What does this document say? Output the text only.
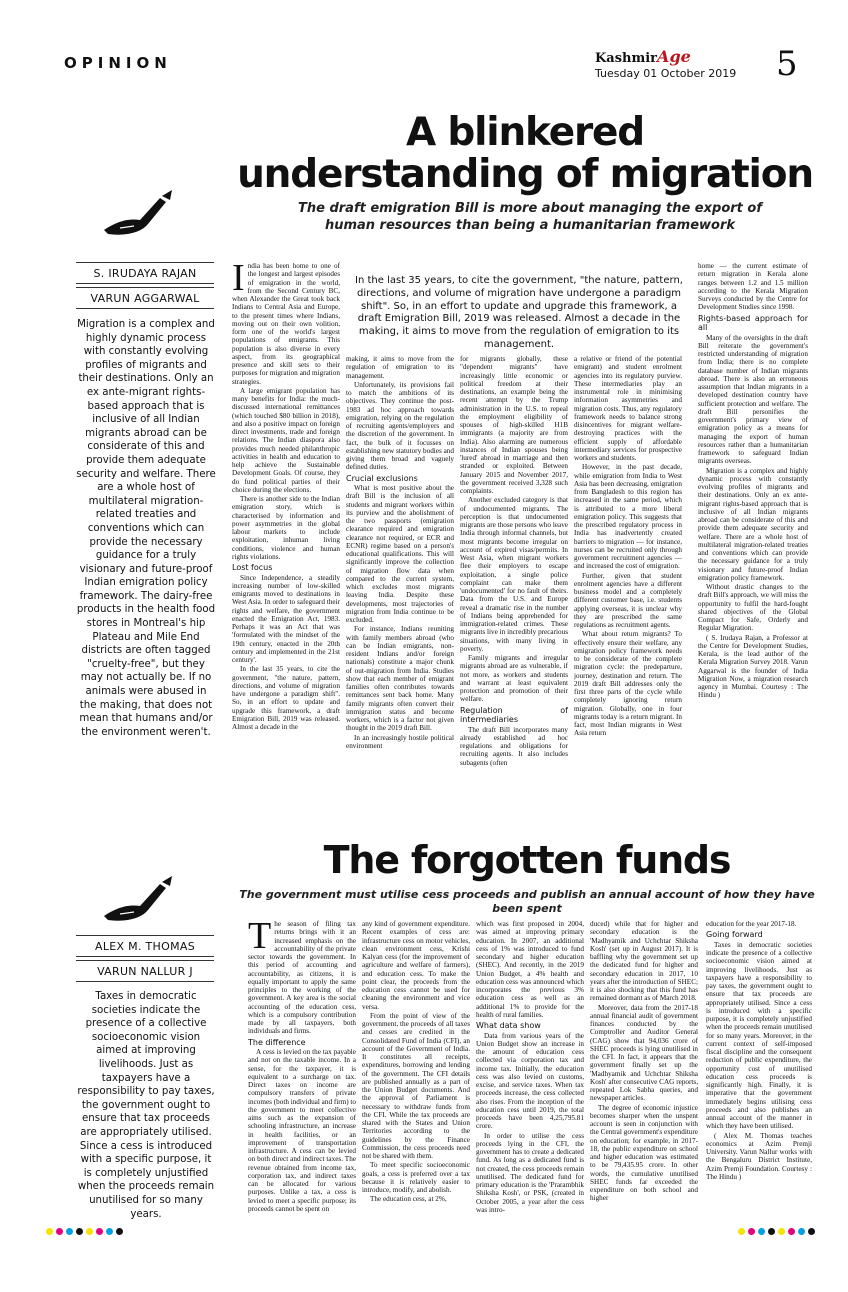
OPINION	KashmirAge
Tuesday 01 October 2019 5
A blinkered
understanding of migration
The draft emigration Bill is more about managing the export of
human resources than being a humanitarian framework
S. IRUDAYA RAJAN
VARUN AGGARWAL
Migration is a complex and highly dynamic process with constantly evolving profiles of migrants and their destinations. Only an ex ante-migrant rights-based approach that is inclusive of all Indian migrants abroad can be considerate of this and provide them adequate security and welfare. There are a whole host of multilateral migration-related treaties and conventions which can provide the necessary guidance for a truly visionary and future-proof Indian emigration policy framework. The dairy-free products in the health food stores in Montreal's hip Plateau and Mile End districts are often tagged "cruelty-free", but they may not actually be. If no animals were abused in the making, that does not mean that humans and/or the environment weren't.
In the last 35 years, to cite the government, "the nature, pattern, directions, and volume of migration have undergone a paradigm shift". So, in an effort to update and upgrade this framework, a draft Emigration Bill, 2019 was released. Almost a decade in the making, it aims to move from the regulation of emigration to its management.

India has been home to one of the longest and largest episodes of emigration in the world, from the Second Century BC, when Alexander the Great took back Indians to Central Asia and Europe, to the present times where Indians, moving out on their own volition, form one of the world's largest populations of emigrants. This population is also diverse in every aspect, from its geographical presence and skill sets to their purposes for migration and migration strategies.

A large emigrant population has many benefits for India: the much-discussed international remittances (which touched $80 billion in 2018), and also a positive impact on foreign direct investments, trade and foreign relations. The Indian diaspora also provides much needed philanthropic activities in health and education to help achieve the Sustainable Development Goals. Of course, they do fund political parties of their choice during the elections.

There is another side to the Indian emigration story, which is characterised by information and power asymmetries in the global labour markets to include exploitation, inhuman living conditions, violence and human rights violations.

Lost focus

Since Independence, a steadily increasing number of low-skilled emigrants moved to destinations in West Asia. In order to safeguard their rights and welfare, the government enacted the Emigration Act, 1983. Perhaps it was an Act that was 'formulated with the mindset of the 19th century, enacted in the 20th century and implemented in the 21st century'.

In the last 35 years, to cite the government, "the nature, pattern, directions, and volume of migration have undergone a paradigm shift". So, in an effort to update and upgrade this framework, a draft Emigration Bill, 2019 was released. Almost a decade in the

making, it aims to move from the regulation of emigration to its management.

Unfortunately, its provisions fail to match the ambitions of its objectives. They continue the post-1983 ad hoc approach towards emigration, relying on the regulation of recruiting agents/employers and the discretion of the government. In fact, the bulk of it focusses on establishing new statutory bodies and giving them broad and vaguely defined duties.

Crucial exclusions

What is most positive about the draft Bill is the inclusion of all students and migrant workers within its purview and the abolishment of the two passports (emigration clearance required and emigration clearance not required, or ECR and ECNR) regime based on a person's educational qualifications. This will significantly improve the collection of migration flow data when compared to the current system, which excludes most migrants leaving India. Despite these developments, most trajectories of migration from India continue to be excluded.

For instance, Indians reuniting with family members abroad (who can be Indian emigrants, non-resident Indians and/or foreign nationals) constitute a major chunk of out-migration from India. Studies show that each member of emigrant families often contributes towards remittances sent back home. Many family migrants often convert their immigration status and become workers, which is a factor not given thought in the 2019 draft Bill.

In an increasingly hostile political environment

for migrants globally, these "dependent migrants" have increasingly little economic or political freedom at their destinations, an example being the recent attempt by the Trump administration in the U.S. to repeal the employment eligibility of spouses of high-skilled H1B immigrants (a majority are from India). Also alarming are numerous instances of Indian spouses being 'lured' abroad in marriage and then stranded or exploited. Between January 2015 and November 2017, the government received 3,328 such complaints.

Another excluded category is that of undocumented migrants. The perception is that undocumented migrants are those persons who leave India through informal channels, but most migrants become irregular on account of expired visas/permits. In West Asia, when migrant workers flee their employers to escape exploitation, a single police complaint can make them 'undocumented' for no fault of theirs. Data from the U.S. and Europe reveal a dramatic rise in the number of Indians being apprehended for immigration-related crimes. These migrants live in incredibly precarious situations, with many living in poverty.

Family migrants and irregular migrants abroad are as vulnerable, if not more, as workers and students and warrant at least equivalent protection and promotion of their welfare.

Regulation of intermediaries

The draft Bill incorporates many already established ad hoc regulations and obligations for recruiting agents. It also includes subagents (often

a relative or friend of the potential emigrant) and student enrolment agencies into its regulatory purview. These intermediaries play an instrumental role in minimising information asymmetries and migration costs. Thus, any regulatory framework needs to balance strong disincentives for migrant welfare-destroying practices with the efficient supply of affordable intermediary services for prospective workers and students.

However, in the past decade, while emigration from India to West Asia has been decreasing, emigration from Bangladesh to this region has increased in the same period, which is attributed to a more liberal emigration policy. This suggests that the prescribed regulatory process in India has inadvertently created barriers to migration — for instance, nurses can be recruited only through government recruitment agencies — and increased the cost of emigration.

Further, given that student enrolment agencies have a different business model and a completely different customer base, i.e. students applying overseas, it is unclear why they are prescribed the same regulations as recruitment agents.

What about return migrants? To effectively ensure their welfare, any emigration policy framework needs to be considerate of the complete migration cycle: the predeparture, journey, destination and return. The 2019 draft Bill addresses only the first three parts of the cycle while completely ignoring return migration. Globally, one in four migrants today is a return migrant. In fact, most Indian migrants in West Asia return

home — the current estimate of return migration in Kerala alone ranges between 1.2 and 1.5 million according to the Kerala Migration Surveys conducted by the Centre for Development Studies since 1998.

Rights-based approach for all

Many of the oversights in the draft Bill reiterate the government's restricted understanding of migration from India; there is no complete database number of Indian migrants abroad. There is also an erroneous assumption that Indian migrants in a developed destination country have sufficient protection and welfare. The draft Bill personifies the government's primary view of emigration policy as a means for managing the export of human resources rather than a humanitarian framework to safeguard Indian migrants overseas.

Migration is a complex and highly dynamic process with constantly evolving profiles of migrants and their destinations. Only an ex ante-migrant rights-based approach that is inclusive of all Indian migrants abroad can be considerate of this and provide them adequate security and welfare. There are a whole host of multilateral migration-related treaties and conventions which can provide the necessary guidance for a truly visionary and future-proof Indian emigration policy framework.

Without drastic changes to the draft Bill's approach, we will miss the opportunity to fulfil the hard-fought shared objectives of the Global Compact for Safe, Orderly and Regular Migration.

( S. Irudaya Rajan, a Professor at the Centre for Development Studies, Kerala, is the lead author of the Kerala Migration Survey 2018. Varun Aggarwal is the founder of India Migration Now, a migration research agency in Mumbai. Courtesy : The Hindu )

The forgotten funds
The government must utilise cess proceeds and publish an annual account of how they have been spent
ALEX M. THOMAS
VARUN NALLUR J
Taxes in democratic societies indicate the presence of a collective socioeconomic vision aimed at improving livelihoods. Just as taxpayers have a responsibility to pay taxes, the government ought to ensure that tax proceeds are appropriately utilised. Since a cess is introduced with a specific purpose, it is completely unjustified when the proceeds remain unutilised for so many years.

The season of filing tax returns brings with it an increased emphasis on the accountability of the private sector towards the government. In this period of accounting and accountability, as citizens, it is equally important to apply the same principles to the working of the government. A key area is the social accounting of the education cess, which is a compulsory contribution made by all taxpayers, both individuals and firms.

The difference

A cess is levied on the tax payable and not on the taxable income. In a sense, for the taxpayer, it is equivalent to a surcharge on tax. Direct taxes on income are compulsory transfers of private incomes (both individual and firm) to the government to meet collective aims such as the expansion of schooling infrastructure, an increase in health facilities, or an improvement of transportation infrastructure. A cess can be levied on both direct and indirect taxes. The revenue obtained from income tax, corporation tax, and indirect taxes can be allocated for various purposes. Unlike a tax, a cess is levied to meet a specific purpose; its proceeds cannot be spent on

any kind of government expenditure. Recent examples of cess are: infrastructure cess on motor vehicles, clean environment cess, Krishi Kalyan cess (for the improvement of agriculture and welfare of farmers), and education cess. To make the point clear, the proceeds from the education cess cannot be used for cleaning the environment and vice versa.

From the point of view of the government, the proceeds of all taxes and cesses are credited in the Consolidated Fund of India (CFI), an account of the Government of India. It constitutes all receipts, expenditures, borrowing and lending of the government. The CFI details are published annually as a part of the Union Budget documents. And the approval of Parliament is necessary to withdraw funds from the CFI. While the tax proceeds are shared with the States and Union Territories according to the guidelines by the Finance Commission, the cess proceeds need not be shared with them.

To meet specific socioeconomic goals, a cess is preferred over a tax because it is relatively easier to introduce, modify, and abolish.

The education cess, at 2%,

which was first proposed in 2004, was aimed at improving primary education. In 2007, an additional cess of 1% was introduced to fund secondary and higher education (SHEC). And recently, in the 2019 Union Budget, a 4% health and education cess was announced which incorporates the previous 3% education cess as well as an additional 1% to provide for the health of rural families.

What data show

Data from various years of the Union Budget show an increase in the amount of education cess collected via corporation tax and income tax. Initially, the education cess was also levied on customs, excise, and service taxes. When tax proceeds increase, the cess collected also rises. From the inception of the education cess until 2019, the total proceeds have been 4,25,795.81 crore.

In order to utilise the cess proceeds lying in the CFI, the government has to create a dedicated fund. As long as a dedicated fund is not created, the cess proceeds remain unutilised. The dedicated fund for primary education is the 'Prarambhik Shiksha Kosh', or PSK, (created in October 2005, a year after the cess was intro-

duced) while that for higher and secondary education is the 'Madhyamik and Uchchtar Shiksha Kosh' (set up in August 2017). It is baffling why the government set up the dedicated fund for higher and secondary education in 2017, 10 years after the introduction of SHEC; it is also shocking that this fund has remained dormant as of March 2018.

Moreover, data from the 2017-18 annual financial audit of government finances conducted by the Comptroller and Auditor General (CAG) show that 94,036 crore of SHEC proceeds is lying unutilised in the CFI. In fact, it appears that the government finally set up the 'Madhyamik and Uchchtar Shiksha Kosh' after consecutive CAG reports, repeated Lok Sabha queries, and newspaper articles.

The degree of economic injustice becomes sharper when the unspent account is seen in conjunction with the Central government's expenditure on education; for example, in 2017-18, the public expenditure on school and higher education was estimated to be 79,435.95 crore. In other words, the cumulative unutilised SHEC funds far exceeded the expenditure on both school and higher

education for the year 2017-18.

Going forward

Taxes in democratic societies indicate the presence of a collective socioeconomic vision aimed at improving livelihoods. Just as taxpayers have a responsibility to pay taxes, the government ought to ensure that tax proceeds are appropriately utilised. Since a cess is introduced with a specific purpose, it is completely unjustified when the proceeds remain unutilised for so many years. Moreover, in the current context of self-imposed fiscal discipline and the consequent reduction of public expenditure, the opportunity cost of unutilised education cess proceeds is significantly high. Finally, it is imperative that the government immediately begins utilising cess proceeds and also publishes an annual account of the manner in which they have been utilised.

( Alex M. Thomas teaches economics at Azim Premji University. Varun Nallur works with the Bengaluru District Institute, Azim Premji Foundation. Courtesy : The Hindu )
